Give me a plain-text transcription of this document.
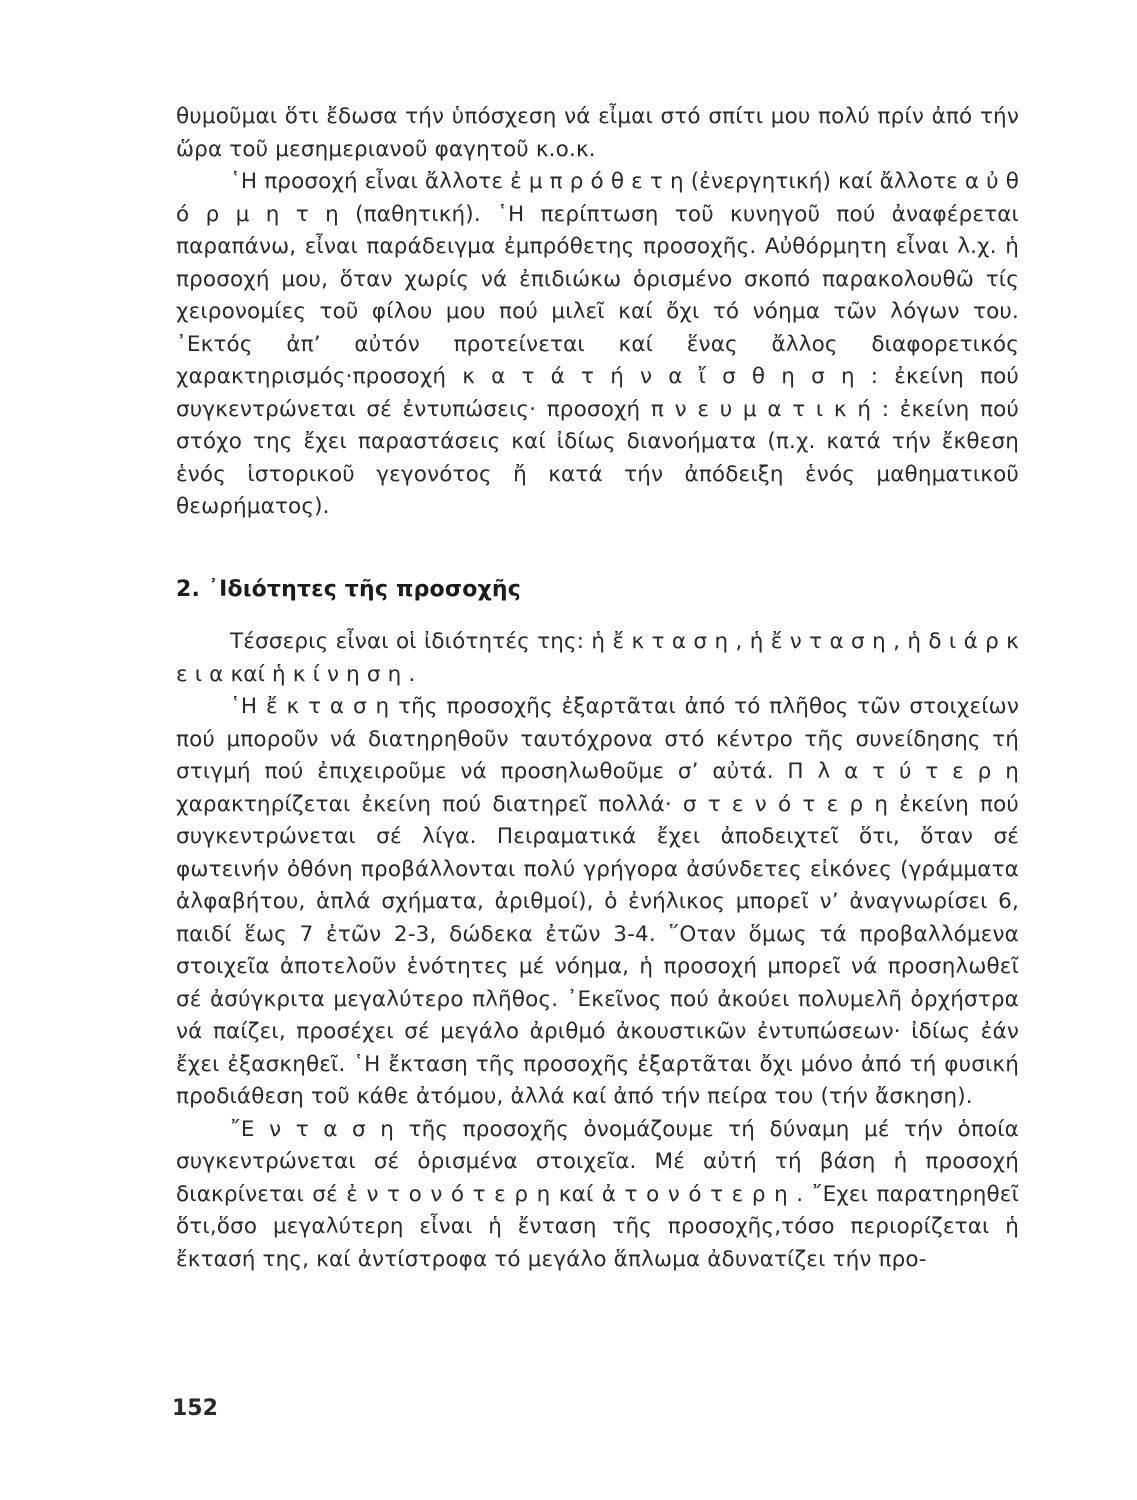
θυμοῦμαι ὅτι ἔδωσα τήν ὑπόσχεση νά εἶμαι στό σπίτι μου πολύ πρίν ἀπό τήν ὥρα τοῦ μεσημεριανοῦ φαγητοῦ κ.ο.κ.

῾Η προσοχή εἶναι ἄλλοτε ἐ μ π ρ ό θ ε τ η (ἐνεργητική) καί ἄλλοτε α ὐ θ ό ρ μ η τ η (παθητική). ῾Η περίπτωση τοῦ κυνηγοῦ πού ἀναφέρεται παραπάνω, εἶναι παράδειγμα ἐμπρόθετης προσοχῆς. Αὐθόρμητη εἶναι λ.χ. ἡ προσοχή μου, ὅταν χωρίς νά ἐπιδιώκω ὁρισμένο σκοπό παρακολουθῶ τίς χειρονομίες τοῦ φίλου μου πού μιλεῖ καί ὄχι τό νόημα τῶν λόγων του. ᾿Εκτός ἀπ’ αὐτόν προτείνεται καί ἕνας ἄλλος διαφορετικός χαρακτηρισμός·προσοχή κ α τ ά τ ή ν α ἴ σ θ η σ η : ἐκείνη πού συγκεντρώνεται σέ ἐντυπώσεις· προσοχή π ν ε υ μ α τ ι κ ή : ἐκείνη πού στόχο της ἔχει παραστάσεις καί ἰδίως διανοήματα (π.χ. κατά τήν ἔκθεση ἑνός ἱστορικοῦ γεγονότος ἤ κατά τήν ἀπόδειξη ἑνός μαθηματικοῦ θεωρήματος).

2. ᾿Ιδιότητες τῆς προσοχῆς

Τέσσερις εἶναι οἱ ἰδιότητές της: ἡ ἔ κ τ α σ η , ἡ ἔ ν τ α σ η , ἡ δ ι ά ρ κ ε ι α καί ἡ κ ί ν η σ η .

῾Η ἔ κ τ α σ η τῆς προσοχῆς ἐξαρτᾶται ἀπό τό πλῆθος τῶν στοιχείων πού μποροῦν νά διατηρηθοῦν ταυτόχρονα στό κέντρο τῆς συνείδησης τή στιγμή πού ἐπιχειροῦμε νά προσηλωθοῦμε σ’ αὐτά. Π λ α τ ύ τ ε ρ η χαρακτηρίζεται ἐκείνη πού διατηρεῖ πολλά· σ τ ε ν ό τ ε ρ η ἐκείνη πού συγκεντρώνεται σέ λίγα. Πειραματικά ἔχει ἀποδειχτεῖ ὅτι, ὅταν σέ φωτεινήν ὀθόνη προβάλλονται πολύ γρήγορα ἀσύνδετες εἰκόνες (γράμματα ἀλφαβήτου, ἁπλά σχήματα, ἀριθμοί), ὁ ἐνήλικος μπορεῖ ν’ ἀναγνωρίσει 6, παιδί ἕως 7 ἐτῶν 2-3, δώδεκα ἐτῶν 3-4. ῞Οταν ὅμως τά προβαλλόμενα στοιχεῖα ἀποτελοῦν ἑνότητες μέ νόημα, ἡ προσοχή μπορεῖ νά προσηλωθεῖ σέ ἀσύγκριτα μεγαλύτερο πλῆθος. ᾿Εκεῖνος πού ἀκούει πολυμελῆ ὀρχήστρα νά παίζει, προσέχει σέ μεγάλο ἀριθμό ἀκουστικῶν ἐντυπώσεων· ἰδίως ἐάν ἔχει ἐξασκηθεῖ. ῾Η ἔκταση τῆς προσοχῆς ἐξαρτᾶται ὄχι μόνο ἀπό τή φυσική προδιάθεση τοῦ κάθε ἀτόμου, ἀλλά καί ἀπό τήν πείρα του (τήν ἄσκηση).

῎Ε ν τ α σ η τῆς προσοχῆς ὀνομάζουμε τή δύναμη μέ τήν ὁποία συγκεντρώνεται σέ ὁρισμένα στοιχεῖα. Μέ αὐτή τή βάση ἡ προσοχή διακρίνεται σέ ἐ ν τ ο ν ό τ ε ρ η καί ἀ τ ο ν ό τ ε ρ η . ῎Εχει παρατηρηθεῖ ὅτι,ὅσο μεγαλύτερη εἶναι ἡ ἔνταση τῆς προσοχῆς,τόσο περιορίζεται ἡ ἔκτασή της, καί ἀντίστροφα τό μεγάλο ἅπλωμα ἀδυνατίζει τήν προ-

152
